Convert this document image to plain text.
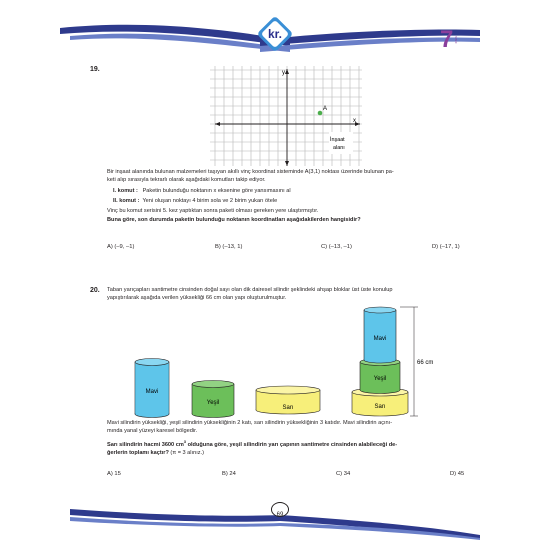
kr.	7 SINIF
19.
x
y
A
İnşaat
alanı
Bir inşaat alanında bulunan malzemeleri taşıyan akıllı vinç koordinat sisteminde A(3,1) noktası üzerinde bulunan pa-
keti alıp sırasıyla tekrarlı olarak aşağıdaki komutları takip ediyor.
I. komut : Paketin bulunduğu noktanın x eksenine göre yansımasını al
II. komut : Yeni oluşan noktayı 4 birim sola ve 2 birim yukarı ötele
Vinç bu komut serisini 5. kez yaptıktan sonra paketi olması gereken yere ulaştırmıştır.
Buna göre, son durumda paketin bulunduğu noktanın koordinatları aşağıdakilerden hangisidir?
A) (–9, –1)	B) (–13, 1)	C) (–13, –1)	D) (–17, 1)
20. Taban yarıçapları santimetre cinsinden doğal sayı olan dik dairesel silindir şeklindeki ahşap bloklar üst üste konulup
yapıştırılarak aşağıda verilen yüksekliği 66 cm olan yapı oluşturulmuştur.
Mavi
Yeşil
Sarı	Sarı
Yeşil
Mavi
66 cm
Mavi silindirin yüksekliği, yeşil silindirin yüksekliğinin 2 katı, sarı silindirin yüksekliğinin 3 katıdır. Mavi silindirin açını-
mında yanal yüzeyi karesel bölgedir.
Sarı silindirin hacmi 3600 $cm^3$ olduğuna göre, yeşil silindirin yarı çapının santimetre cinsinden alabileceği de-
ğerlerin toplamı kaçtır? (π = 3 alınız.)
A) 15	B) 24	C) 34	D) 45
69
